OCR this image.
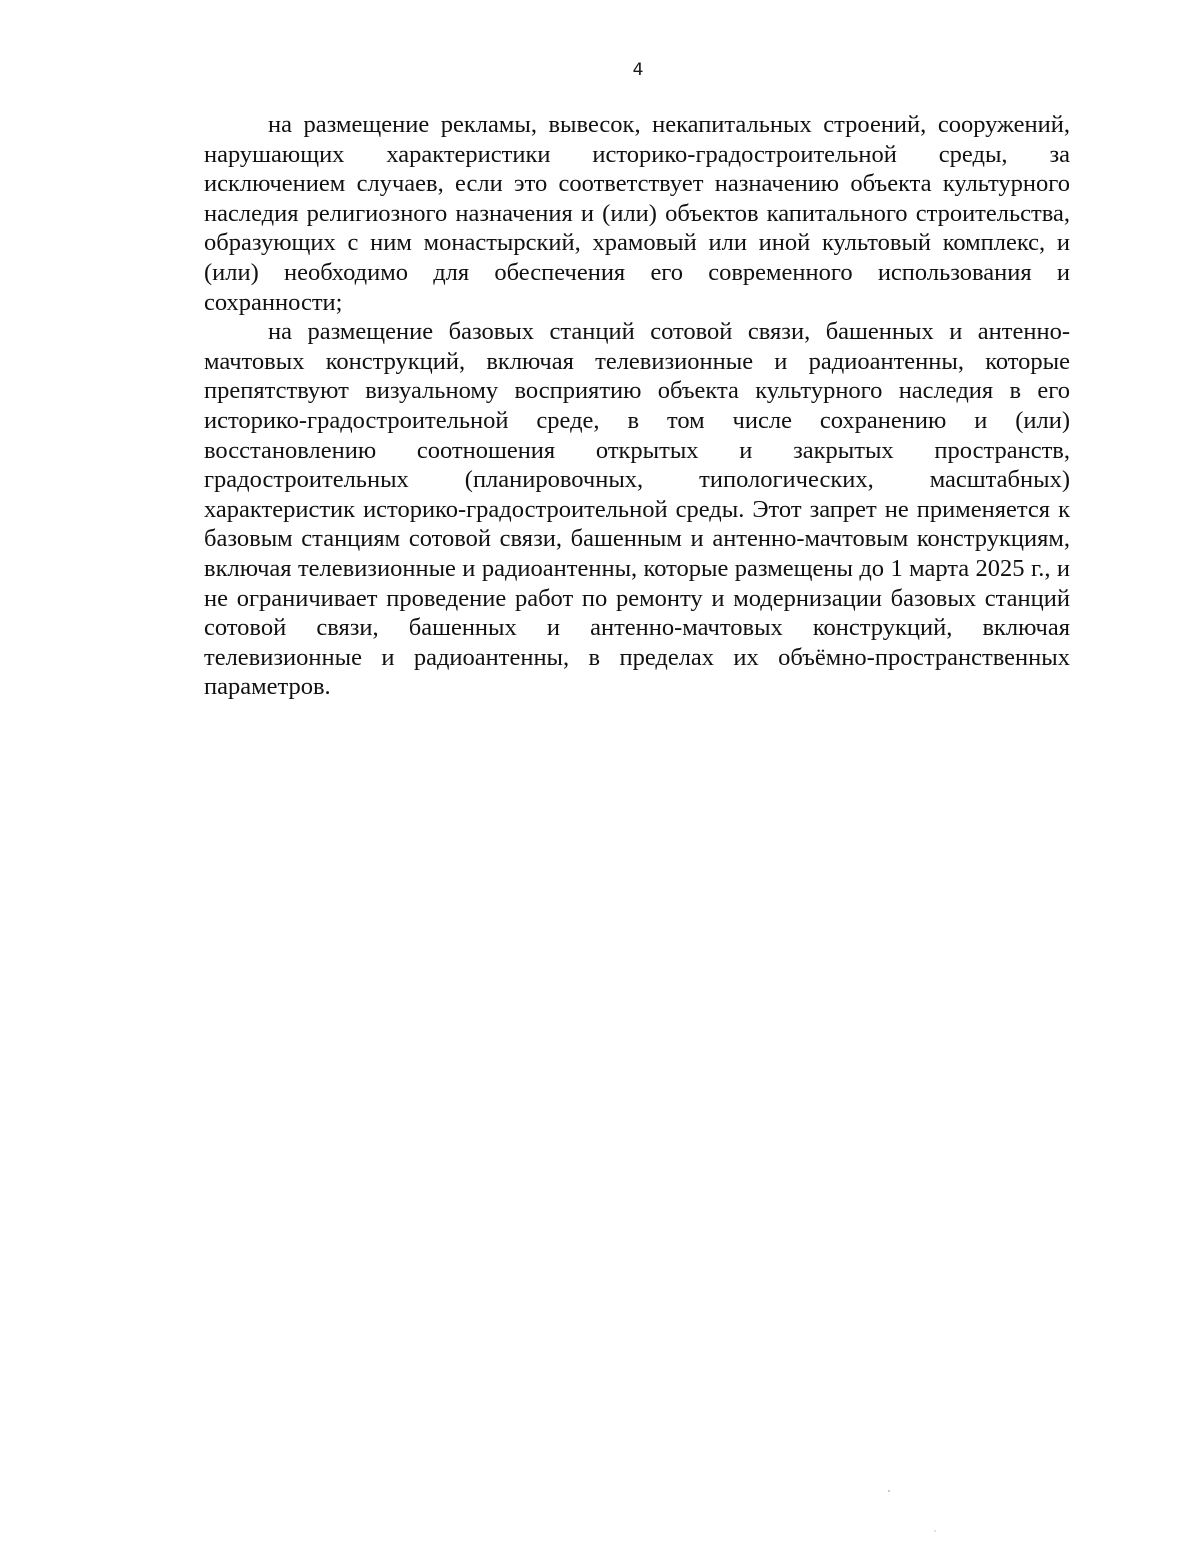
4

на размещение рекламы, вывесок, некапитальных строений, сооружений, нарушающих характеристики историко-градостроительной среды, за исключением случаев, если это соответствует назначению объекта культурного наследия религиозного назначения и (или) объектов капитального строительства, образующих с ним монастырский, храмовый или иной культовый комплекс, и (или) необходимо для обеспечения его современного использования и сохранности;

на размещение базовых станций сотовой связи, башенных и антенно-мачтовых конструкций, включая телевизионные и радиоантенны, которые препятствуют визуальному восприятию объекта культурного наследия в его историко-градостроительной среде, в том числе сохранению и (или) восстановлению соотношения открытых и закрытых пространств, градостроительных (планировочных, типологических, масштабных) характеристик историко-градостроительной среды. Этот запрет не применяется к базовым станциям сотовой связи, башенным и антенно-мачтовым конструкциям, включая телевизионные и радиоантенны, которые размещены до 1 марта 2025 г., и не ограничивает проведение работ по ремонту и модернизации базовых станций сотовой связи, башенных и антенно-мачтовых конструкций, включая телевизионные и радиоантенны, в пределах их объёмно-пространственных параметров.
